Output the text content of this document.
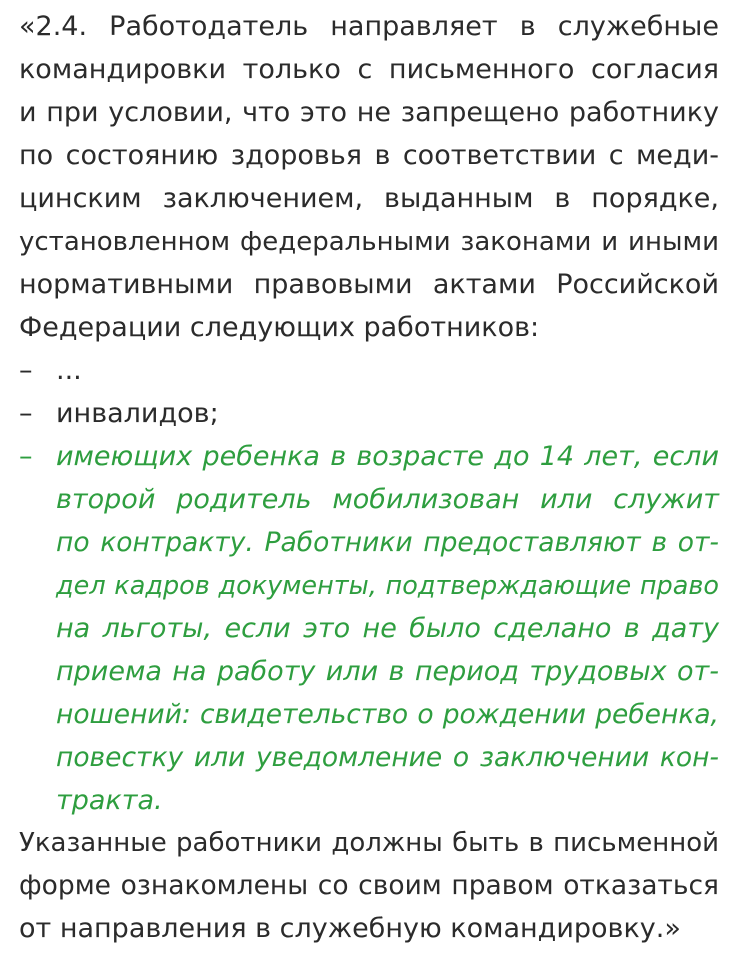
«2.4. Работодатель направляет в служебные
командировки только с письменного согласия
и при условии, что это не запрещено работнику
по состоянию здоровья в соответствии с меди-
цинским заключением, выданным в порядке,
установленном федеральными законами и иными
нормативными правовыми актами Российской
Федерации следующих работников:
– ...
– инвалидов;
– имеющих ребенка в возрасте до 14 лет, если
второй родитель мобилизован или служит
по контракту. Работники предоставляют в от-
дел кадров документы, подтверждающие право
на льготы, если это не было сделано в дату
приема на работу или в период трудовых от-
ношений: свидетельство о рождении ребенка,
повестку или уведомление о заключении кон-
тракта.
Указанные работники должны быть в письменной
форме ознакомлены со своим правом отказаться
от направления в служебную командировку.»
